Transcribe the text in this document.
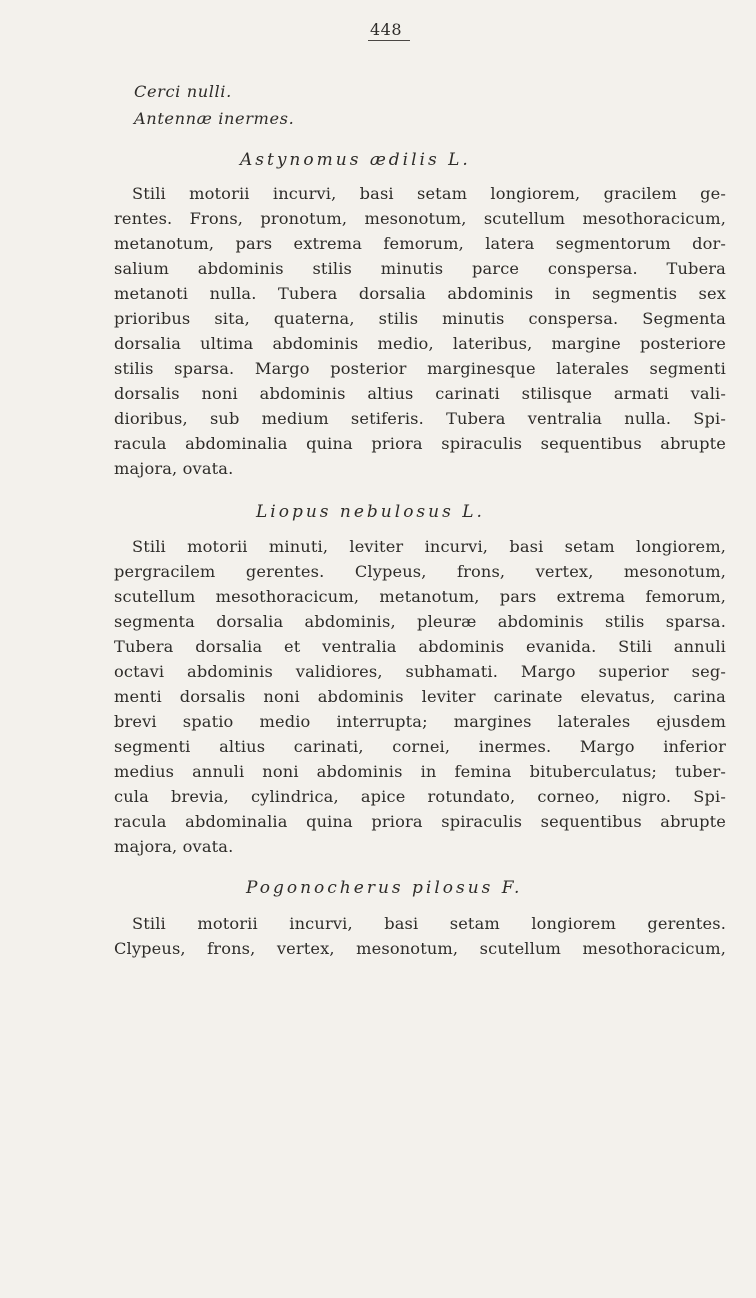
448
Cerci nulli.
Antennæ inermes.
Astynomus ædilis L.
Stili motorii incurvi, basi setam longiorem, gracilem ge-
rentes. Frons, pronotum, mesonotum, scutellum mesothoracicum,
metanotum, pars extrema femorum, latera segmentorum dor-
salium abdominis stilis minutis parce conspersa. Tubera
metanoti nulla. Tubera dorsalia abdominis in segmentis sex
prioribus sita, quaterna, stilis minutis conspersa. Segmenta
dorsalia ultima abdominis medio, lateribus, margine posteriore
stilis sparsa. Margo posterior marginesque laterales segmenti
dorsalis noni abdominis altius carinati stilisque armati vali-
dioribus, sub medium setiferis. Tubera ventralia nulla. Spi-
racula abdominalia quina priora spiraculis sequentibus abrupte
majora, ovata.
Liopus nebulosus L.
Stili motorii minuti, leviter incurvi, basi setam longiorem,
pergracilem gerentes. Clypeus, frons, vertex, mesonotum,
scutellum mesothoracicum, metanotum, pars extrema femorum,
segmenta dorsalia abdominis, pleuræ abdominis stilis sparsa.
Tubera dorsalia et ventralia abdominis evanida. Stili annuli
octavi abdominis validiores, subhamati. Margo superior seg-
menti dorsalis noni abdominis leviter carinate elevatus, carina
brevi spatio medio interrupta; margines laterales ejusdem
segmenti altius carinati, cornei, inermes. Margo inferior
medius annuli noni abdominis in femina bituberculatus; tuber-
cula brevia, cylindrica, apice rotundato, corneo, nigro. Spi-
racula abdominalia quina priora spiraculis sequentibus abrupte
majora, ovata.
Pogonocherus pilosus F.
Stili motorii incurvi, basi setam longiorem gerentes.
Clypeus, frons, vertex, mesonotum, scutellum mesothoracicum,
